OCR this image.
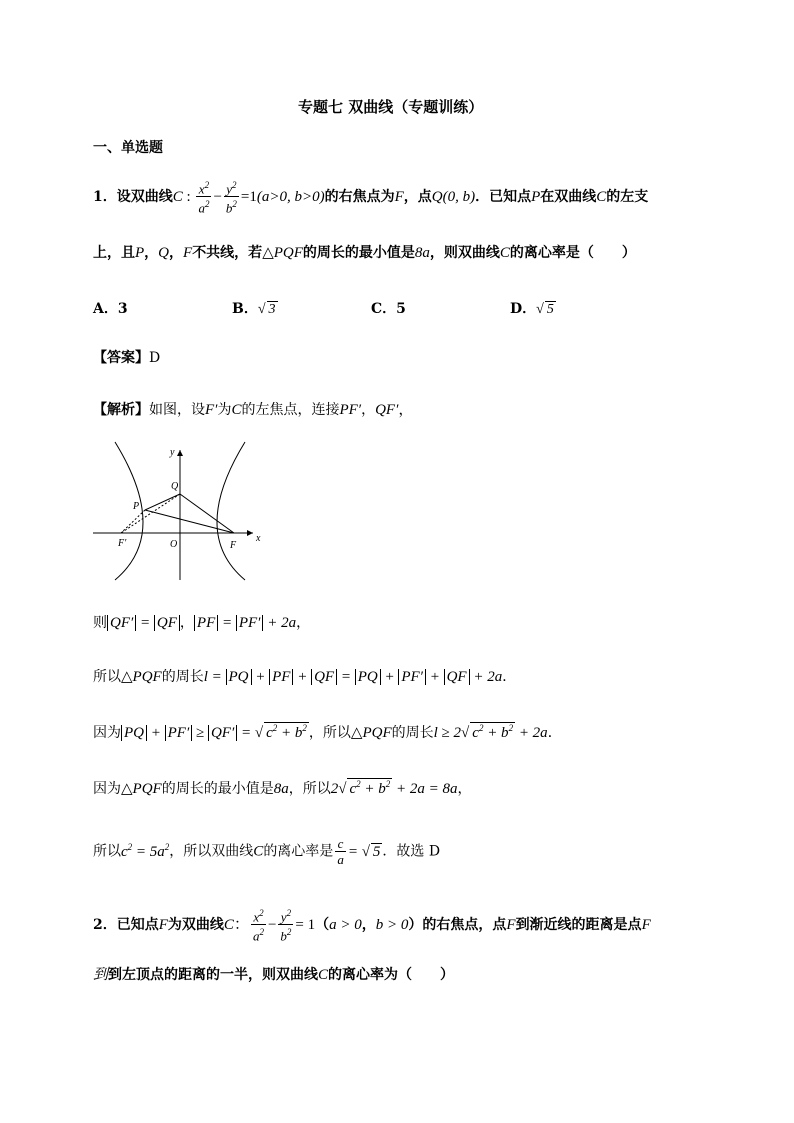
专题七 双曲线（专题训练）
一、单选题
1．设双曲线C : $\frac{x^2}{a^2} - \frac{y^2}{b^2} =1(a>0$, b>0)的右焦点为F，点Q(0, b)．已知点P在双曲线C的左支
上，且P，Q，F不共线，若△PQF的周长的最小值是8a，则双曲线C的离心率是（　　）
A．3	B．√ 3	C．5	D．√ 5
【答案】D
【解析】如图，设F′为C的左焦点，连接PF′，QF′，
y
x
Q
P
O	F
F′
则 QF′ = QF ， PF = PF′ + 2a，
所以△PQF的周长l = PQ + PF + QF = PQ + PF′ + QF + 2a．
因为 PQ + PF′ ≥ QF′ = √ $c^2 + b^2$ ，所以△PQF的周长l ≥ 2√ $c^2 + b^2 + 2a$．
因为△PQF的周长的最小值是8a，所以2√ $c^2 + b^2 + 2a = 8a$，
所以$c^2 = 5a^2$，所以双曲线C的离心率是 $\frac{c}{a}$ = √ 5 ．故选 D
2．已知点F为双曲线C： $\frac{x^2}{a^2} - \frac{y^2}{b^2} = 1(a > 0$，b > 0）的右焦点，点F到渐近线的距离是点F
到到左顶点的距离的一半，则双曲线C的离心率为（　　）
